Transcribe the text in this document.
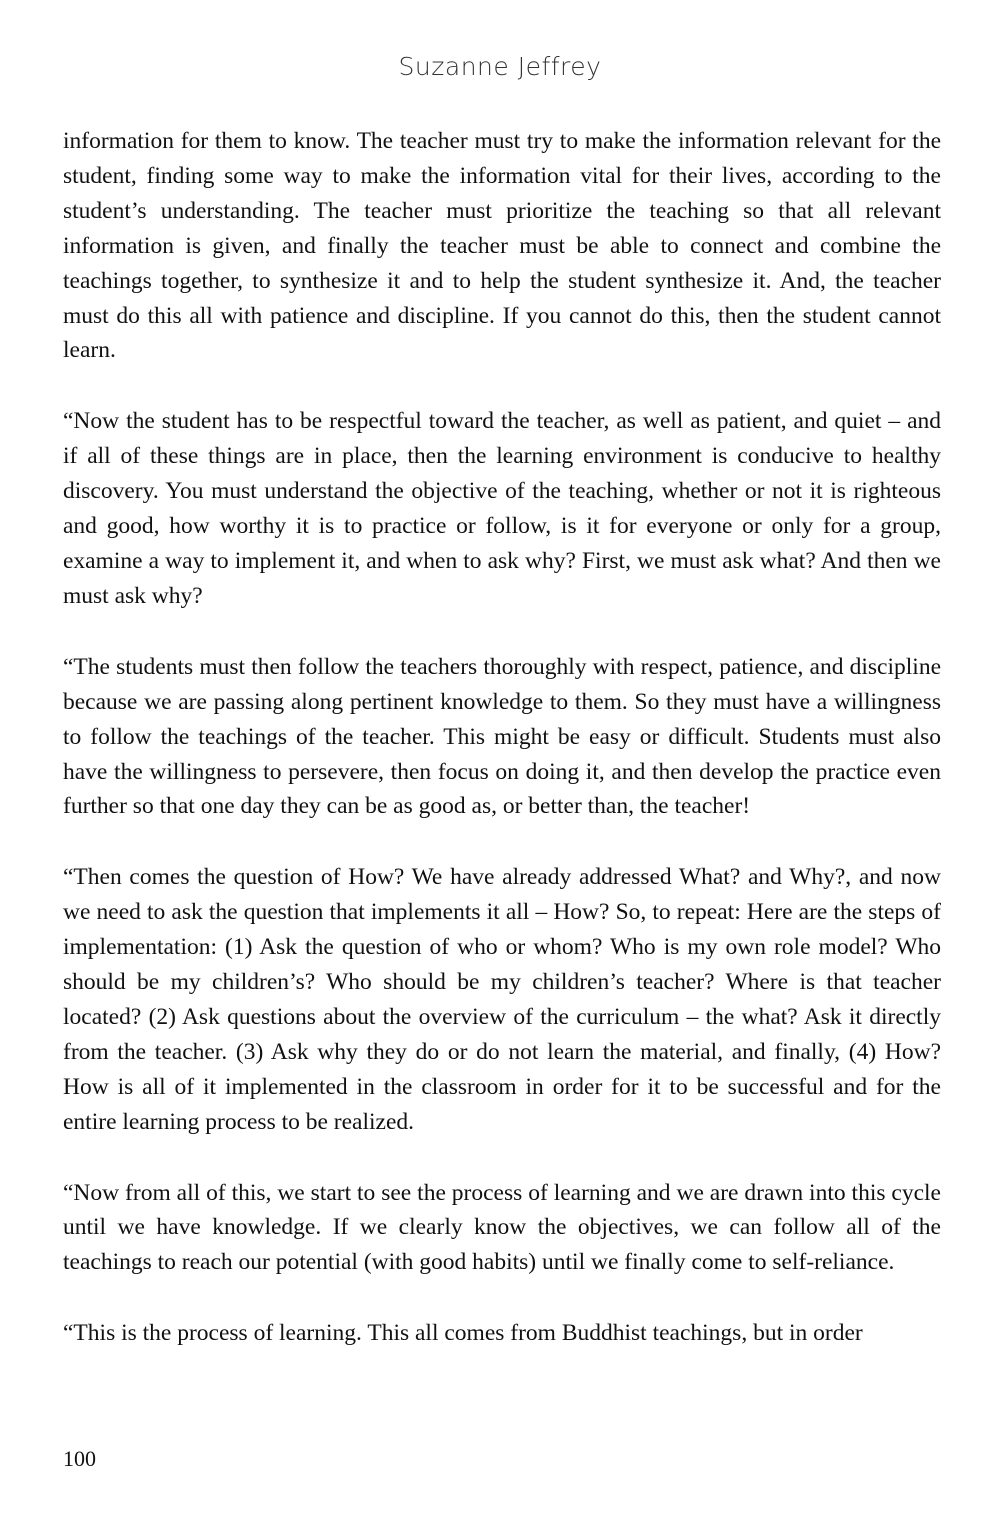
Suzanne Jeffrey

information for them to know. The teacher must try to make the information relevant for the student, finding some way to make the information vital for their lives, according to the student’s understanding. The teacher must prioritize the teaching so that all relevant information is given, and finally the teacher must be able to connect and combine the teachings together, to synthesize it and to help the student synthesize it. And, the teacher must do this all with patience and discipline. If you cannot do this, then the student cannot learn.

“Now the student has to be respectful toward the teacher, as well as patient, and quiet – and if all of these things are in place, then the learning environment is conducive to healthy discovery. You must understand the objective of the teaching, whether or not it is righteous and good, how worthy it is to practice or follow, is it for everyone or only for a group, examine a way to implement it, and when to ask why? First, we must ask what? And then we must ask why?

“The students must then follow the teachers thoroughly with respect, patience, and discipline because we are passing along pertinent knowledge to them. So they must have a willingness to follow the teachings of the teacher. This might be easy or difficult. Students must also have the willingness to persevere, then focus on doing it, and then develop the practice even further so that one day they can be as good as, or better than, the teacher!

“Then comes the question of How? We have already addressed What? and Why?, and now we need to ask the question that implements it all – How? So, to repeat: Here are the steps of implementation: (1) Ask the question of who or whom? Who is my own role model? Who should be my children’s? Who should be my children’s teacher? Where is that teacher located? (2) Ask questions about the overview of the curriculum – the what? Ask it directly from the teacher. (3) Ask why they do or do not learn the material, and finally, (4) How? How is all of it implemented in the classroom in order for it to be successful and for the entire learning process to be realized.

“Now from all of this, we start to see the process of learning and we are drawn into this cycle until we have knowledge. If we clearly know the objectives, we can follow all of the teachings to reach our potential (with good habits) until we finally come to self-reliance.

“This is the process of learning. This all comes from Buddhist teachings, but in order

100
